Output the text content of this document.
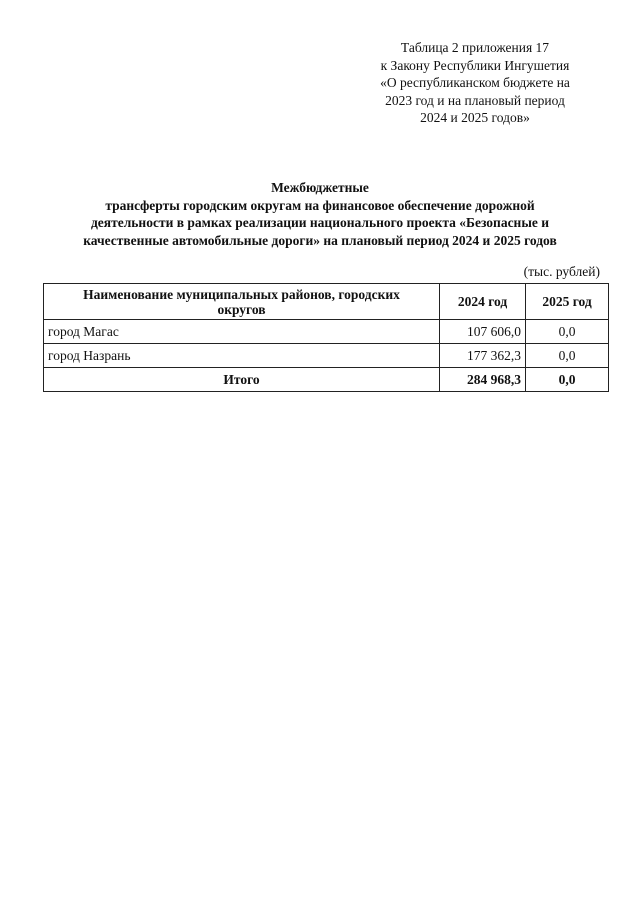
Таблица 2 приложения 17
к Закону Республики Ингушетия
«О республиканском бюджете на
2023 год и на плановый период
2024 и 2025 годов»
Межбюджетные
трансферты городским округам на финансовое обеспечение дорожной
деятельности в рамках реализации национального проекта «Безопасные и
качественные автомобильные дороги» на плановый период 2024 и 2025 годов
(тыс. рублей)
Наименование муниципальных районов, городских
округов	2024 год	2025 год
город Магас	107 606,0	0,0
город Назрань	177 362,3	0,0
Итого	284 968,3	0,0
